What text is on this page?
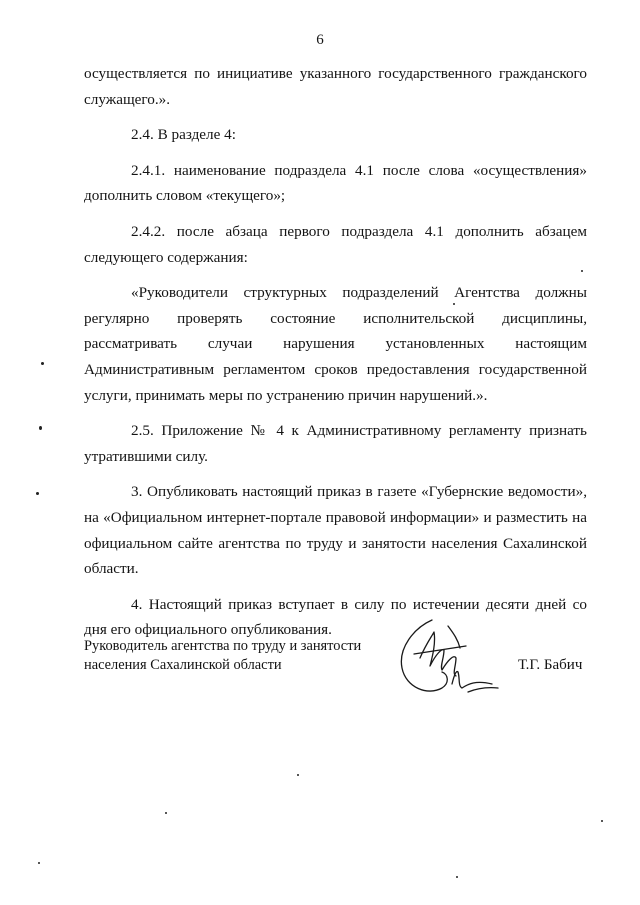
6

осуществляется по инициативе указанного государственного гражданского служащего.».

2.4. В разделе 4:

2.4.1. наименование подраздела 4.1 после слова «осуществления» дополнить словом «текущего»;

2.4.2. после абзаца первого подраздела 4.1 дополнить абзацем следующего содержания:

«Руководители структурных подразделений Агентства должны регулярно проверять состояние исполнительской дисциплины, рассматривать случаи нарушения установленных настоящим Административным регламентом сроков предоставления государственной услуги, принимать меры по устранению причин нарушений.».

2.5. Приложение № 4 к Административному регламенту признать утратившими силу.

3. Опубликовать настоящий приказ в газете «Губернские ведомости», на «Официальном интернет-портале правовой информации» и разместить на официальном сайте агентства по труду и занятости населения Сахалинской области.

4. Настоящий приказ вступает в силу по истечении десяти дней со дня его официального опубликования.

Руководитель агентства по труду и занятости
населения Сахалинской области	Т.Г. Бабич
